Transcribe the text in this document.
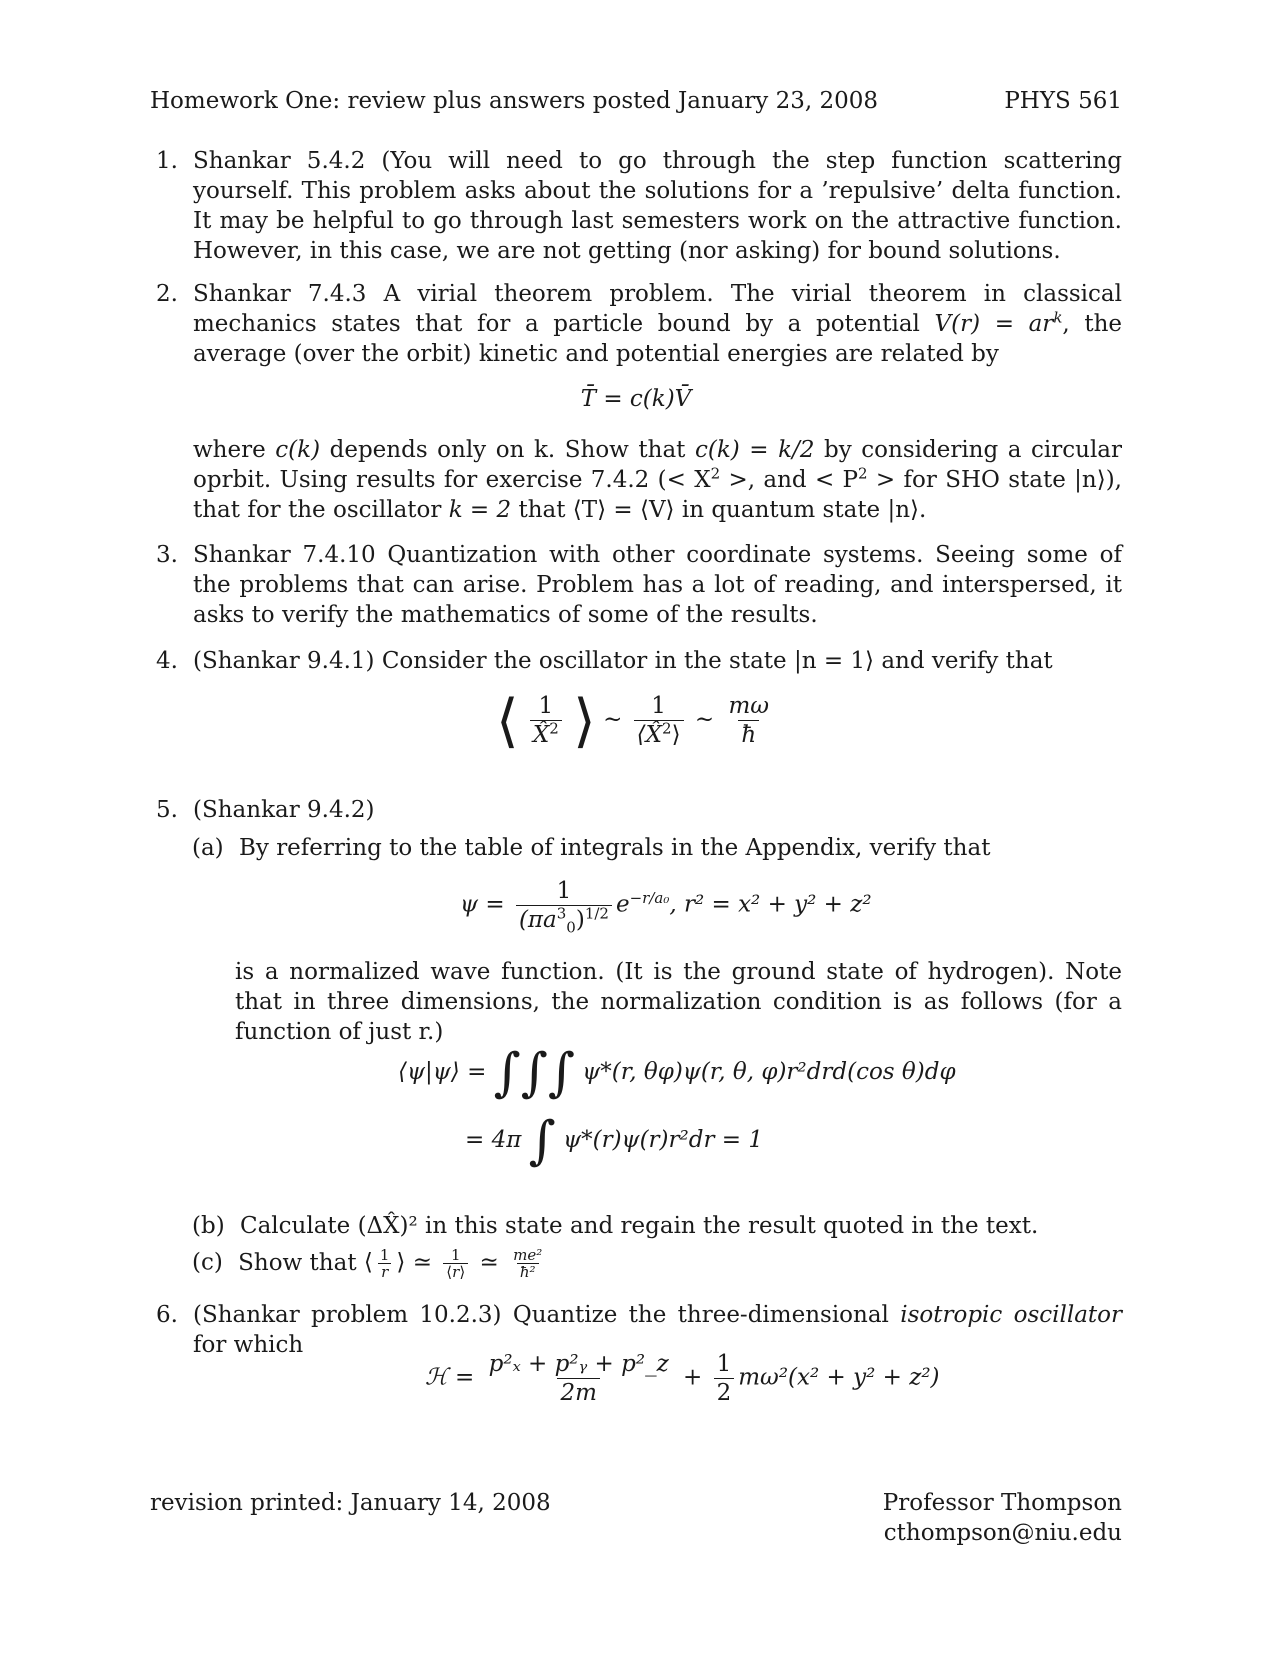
Homework One: review plus answers posted January 23, 2008	PHYS 561
1. Shankar 5.4.2 (You will need to go through the step function scattering yourself. This problem asks about the solutions for a ’repulsive’ delta function. It may be helpful to go through last semesters work on the attractive function. However, in this case, we are not getting (nor asking) for bound solutions.

2. Shankar 7.4.3 A virial theorem problem. The virial theorem in classical mechanics states that for a particle bound by a potential $V(r) = ar^k$, the average (over the orbit) kinetic and potential energies are related by

T̄ = c(k)V̄

where c(k) depends only on k. Show that c(k) = k/2 by considering a circular oprbit. Using results for exercise 7.4.2 (< $X^2$ >, and < $P^2$ > for SHO state |n⟩), that for the oscillator k = 2 that ⟨T⟩ = ⟨V⟩ in quantum state |n⟩.

3. Shankar 7.4.10 Quantization with other coordinate systems. Seeing some of the problems that can arise. Problem has a lot of reading, and interspersed, it asks to verify the mathematics of some of the results.

4. (Shankar 9.4.1) Consider the oscillator in the state |n = 1⟩ and verify that

⟨ $\frac{1}{X̂^2}$ ⟩ ∼ $\frac{1}{⟨X̂^2⟩}$ ∼ $\frac{m\omega}{ħ}$
5. (Shankar 9.4.2)

(a) By referring to the table of integrals in the Appendix, verify that
$\psi = \frac{1}{(\pi a^3_0)^{1/2}} e^{-r/a_0}$, r² = x² + y² + z²

is a normalized wave function. (It is the ground state of hydrogen). Note that in three dimensions, the normalization condition is as follows (for a function of just r.)

⟨ψ|ψ⟩ = ∫∫∫ ψ*(r, θφ)ψ(r, θ, φ)r²drd(cos θ)dφ
= 4π ∫ ψ*(r)ψ(r)r²dr = 1
(b) Calculate (ΔX̂)² in this state and regain the result quoted in the text.
(c) Show that ⟨ $\frac{1}{r}$ ⟩ ≃ $\frac{1}{⟨r⟩}$ ≃ $\frac{\text{me²}}{\text{ħ²}}$
6. (Shankar problem 10.2.3) Quantize the three-dimensional isotropic oscillator for which

ℋ = $\frac{\text{p²ₓ + p²ᵧ + p²\_z}}{2m} + \frac{1}{2} m\omega^2(x^2 + y^2 + z^2)$
revision printed: January 14, 2008	Professor Thompson
cthompson@niu.edu
